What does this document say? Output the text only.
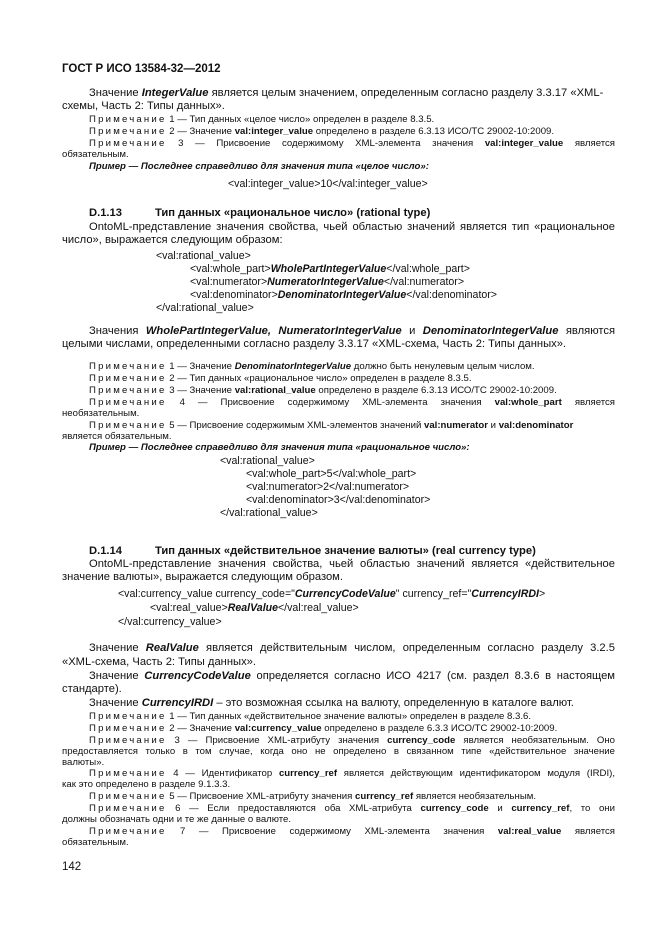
ГОСТ Р ИСО 13584-32—2012
Значение IntegerValue является целым значением, определенным согласно разделу 3.3.17 «XML-
схемы, Часть 2: Типы данных».
Примечание 1 — Тип данных «целое число» определен в разделе 8.3.5.
Примечание 2 — Значение val:integer_value определено в разделе 6.3.13 ИСО/ТС 29002-10:2009.
Примечание 3 — Присвоение содержимому XML-элемента значения val:integer_value является
обязательным.
Пример — Последнее справедливо для значения типа «целое число»:
<val:integer_value>10</val:integer_value>
D.1.13	Тип данных «рациональное число» (rational type)
OntoML-представление значения свойства, чьей областью значений является тип «рациональное
число», выражается следующим образом:
<val:rational_value>
<val:whole_part>WholePartIntegerValue</val:whole_part>
<val:numerator>NumeratorIntegerValue</val:numerator>
<val:denominator>DenominatorIntegerValue</val:denominator>
</val:rational_value>
Значения WholePartIntegerValue, NumeratorIntegerValue и DenominatorIntegerValue являются
целыми числами, определенными согласно разделу 3.3.17 «XML-схема, Часть 2: Типы данных».
Примечание 1 — Значение DenominatorIntegerValue должно быть ненулевым целым числом.
Примечание 2 — Тип данных «рациональное число» определен в разделе 8.3.5.
Примечание 3 — Значение val:rational_value определено в разделе 6.3.13 ИСО/ТС 29002-10:2009.
Примечание 4 — Присвоение содержимому XML-элемента значения val:whole_part является
необязательным.
Примечание 5 — Присвоение содержимым XML-элементов значений val:numerator и val:denominator
является обязательным.
Пример — Последнее справедливо для значения типа «рациональное число»:
<val:rational_value>
<val:whole_part>5</val:whole_part>
<val:numerator>2</val:numerator>
<val:denominator>3</val:denominator>
</val:rational_value>
D.1.14	Тип данных «действительное значение валюты» (real currency type)
OntoML-представление значения свойства, чьей областью значений является «действительное
значение валюты», выражается следующим образом.
<val:currency_value currency_code="CurrencyCodeValue" currency_ref="CurrencyIRDI>
<val:real_value>RealValue</val:real_value>
</val:currency_value>
Значение RealValue является действительным числом, определенным согласно разделу 3.2.5
«XML-схема, Часть 2: Типы данных».
Значение CurrencyCodeValue определяется согласно ИСО 4217 (см. раздел 8.3.6 в настоящем
стандарте).
Значение CurrencyIRDI – это возможная ссылка на валюту, определенную в каталоге валют.
Примечание 1 — Тип данных «действительное значение валюты» определен в разделе 8.3.6.
Примечание 2 — Значение val:currency_value определено в разделе 6.3.3 ИСО/ТС 29002-10:2009.
Примечание 3 — Присвоение XML-атрибуту значения currency_code является необязательным. Оно
предоставляется только в том случае, когда оно не определено в связанном типе «действительное значение
валюты».
Примечание 4 — Идентификатор currency_ref является действующим идентификатором модуля (IRDI),
как это определено в разделе 9.1.3.3.
Примечание 5 — Присвоение XML-атрибуту значения currency_ref является необязательным.
Примечание 6 — Если предоставляются оба XML-атрибута currency_code и currency_ref, то они
должны обозначать одни и те же данные о валюте.
Примечание 7 — Присвоение содержимому XML-элемента значения val:real_value является
обязательным.
142
